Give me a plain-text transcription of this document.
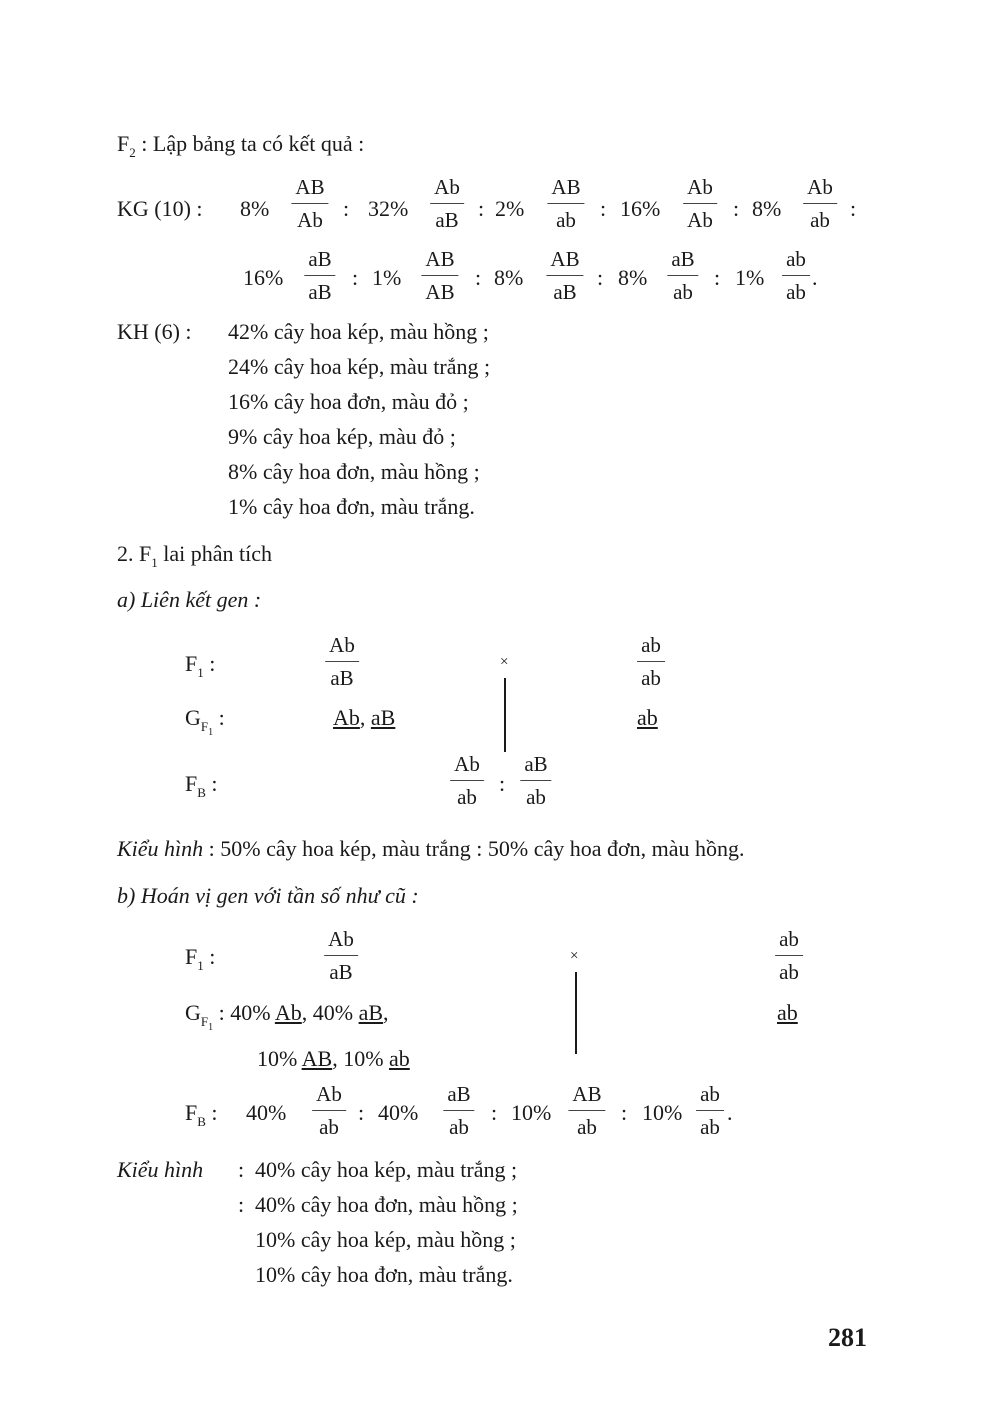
$F_2$ : Lập bảng ta có kết quả :
KG (10) : $8\% \frac{AB}{Ab}$ : $32\% \frac{Ab}{aB}$ : $2\% \frac{AB}{ab}$ : $16\% \frac{Ab}{Ab}$ : $8\% \frac{Ab}{ab}$ :
$16\% \frac{aB}{aB}$ : $1\% \frac{AB}{AB}$ : $8\% \frac{AB}{aB}$ : $8\% \frac{aB}{ab}$ : $1\% \frac{ab}{ab}$ .
KH (6) : 42% cây hoa kép, màu hồng ;
24% cây hoa kép, màu trắng ;
16% cây hoa đơn, màu đỏ ;
9% cây hoa kép, màu đỏ ;
8% cây hoa đơn, màu hồng ;
1% cây hoa đơn, màu trắng.
2. $F_1$ lai phân tích
a) Liên kết gen :
$F_1$ :	$\frac{Ab}{aB}$	×	$\frac{ab}{ab}$
$G_{F1}$ :	Ab, aB	ab
$F_B$ :	$\frac{Ab}{ab}$ : $\frac{aB}{ab}$
Kiểu hình : 50% cây hoa kép, màu trắng : 50% cây hoa đơn, màu hồng.
b) Hoán vị gen với tần số như cũ :
$F_1$ :	$\frac{Ab}{aB}$	×	$\frac{ab}{ab}$
$G_{F1}$ : 40% Ab, 40% aB,	ab
10% AB, 10% ab
$F_B$ : $40\% \frac{Ab}{ab}$ : $40\% \frac{aB}{ab}$ : $10\% \frac{AB}{ab}$ : $10\% \frac{ab}{ab}$ .
Kiểu hình : 40% cây hoa kép, màu trắng ;
: 40% cây hoa đơn, màu hồng ;
10% cây hoa kép, màu hồng ;
10% cây hoa đơn, màu trắng.
281
